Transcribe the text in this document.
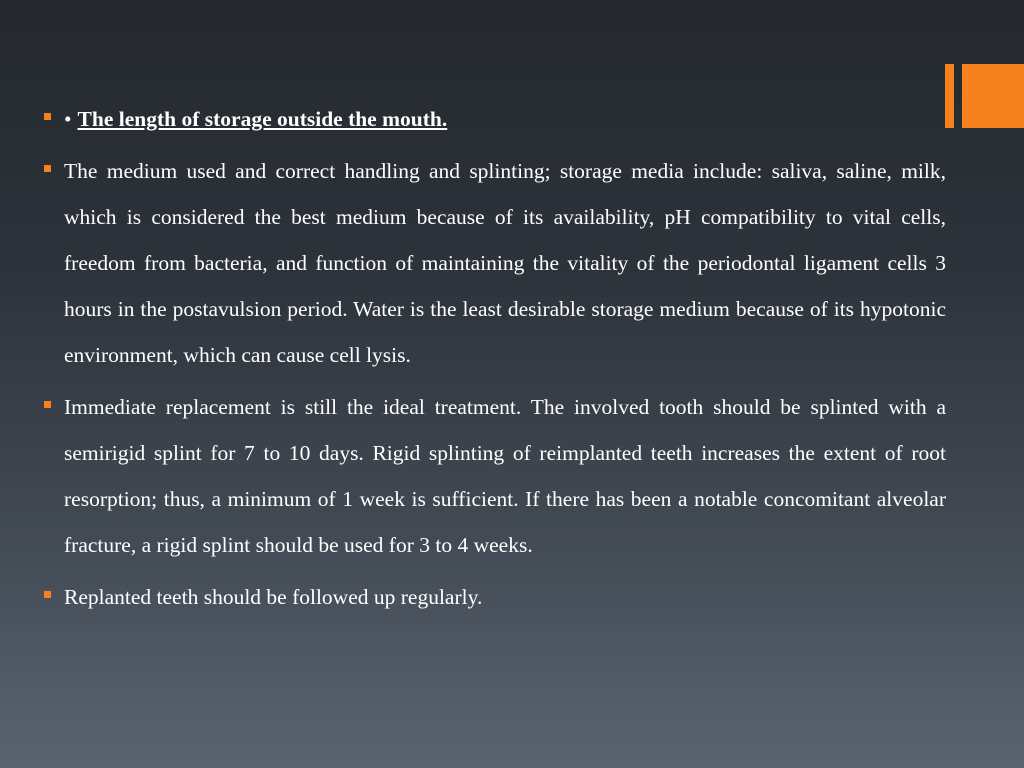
• The length of storage outside the mouth.
The medium used and correct handling and splinting; storage media include: saliva, saline, milk, which is considered the best medium because of its availability, pH compatibility to vital cells, freedom from bacteria, and function of maintaining the vitality of the periodontal ligament cells 3 hours in the postavulsion period. Water is the least desirable storage medium because of its hypotonic environment, which can cause cell lysis.
Immediate replacement is still the ideal treatment. The involved tooth should be splinted with a semirigid splint for 7 to 10 days. Rigid splinting of reimplanted teeth increases the extent of root resorption; thus, a minimum of 1 week is sufficient. If there has been a notable concomitant alveolar fracture, a rigid splint should be used for 3 to 4 weeks.
Replanted teeth should be followed up regularly.
